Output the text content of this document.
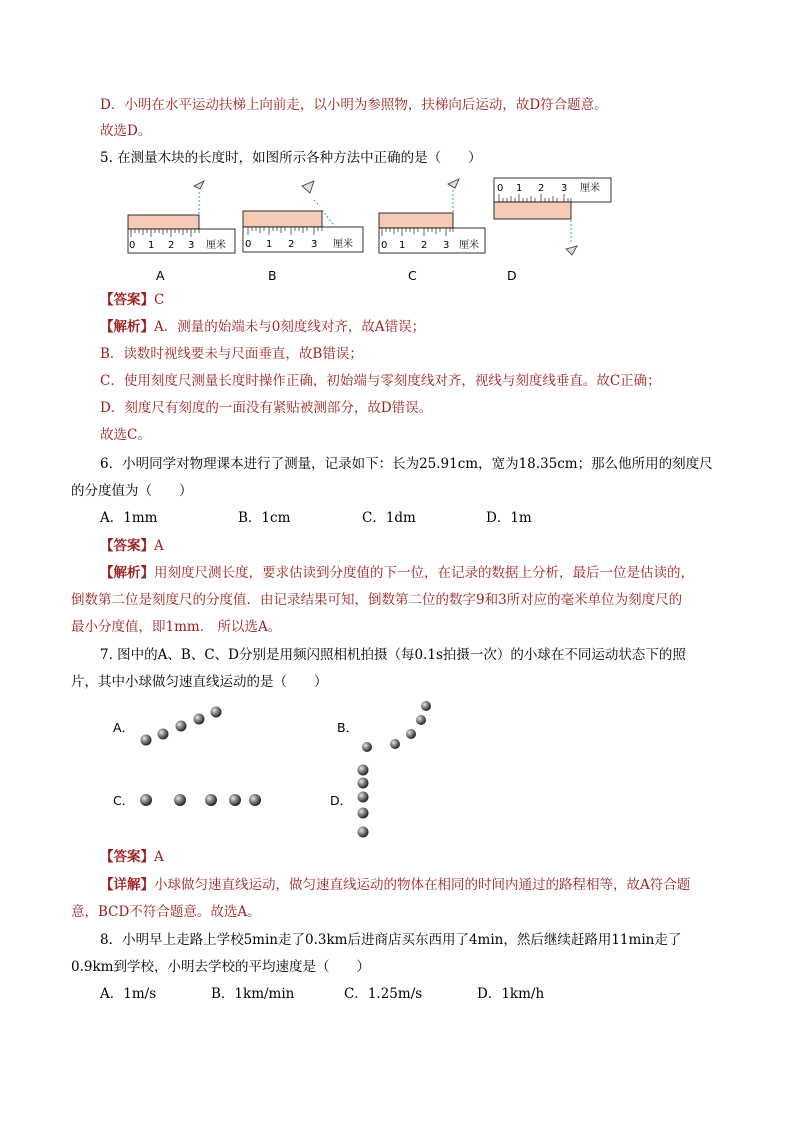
D．小明在水平运动扶梯上向前走，以小明为参照物，扶梯向后运动，故D符合题意。
故选D。
5. 在测量木块的长度时，如图所示各种方法中正确的是（　　）
0 1 2 3 厘米 0 1 2 3 厘米	0 1 2 3 厘米
0 1 2 3 厘米
A	B	C	D
【答案】C
【解析】A．测量的始端未与0刻度线对齐，故A错误；
B．读数时视线要未与尺面垂直，故B错误；
C．使用刻度尺测量长度时操作正确，初始端与零刻度线对齐，视线与刻度线垂直。故C正确；
D．刻度尺有刻度的一面没有紧贴被测部分，故D错误。
故选C。
6．小明同学对物理课本进行了测量，记录如下：长为25.91cm，宽为18.35cm；那么他所用的刻度尺
的分度值为（　　）
A．1mm	B．1cm	C．1dm	D．1m
【答案】A
【解析】用刻度尺测长度，要求估读到分度值的下一位，在记录的数据上分析，最后一位是估读的，
倒数第二位是刻度尺的分度值．由记录结果可知，倒数第二位的数字9和3所对应的毫米单位为刻度尺的
最小分度值，即1mm． 所以选A。
7. 图中的A、B、C、D分别是用频闪照相机拍摄（每0.1s拍摄一次）的小球在不同运动状态下的照
片，其中小球做匀速直线运动的是（　　）
A．	B．
C．	D．
【答案】A
【详解】小球做匀速直线运动，做匀速直线运动的物体在相同的时间内通过的路程相等，故A符合题
意，BCD不符合题意。故选A。
8．小明早上走路上学校5min走了0.3km后进商店买东西用了4min，然后继续赶路用11min走了
0.9km到学校，小明去学校的平均速度是（　　）
A．1m/s	B．1km/min	C．1.25m/s	D．1km/h
